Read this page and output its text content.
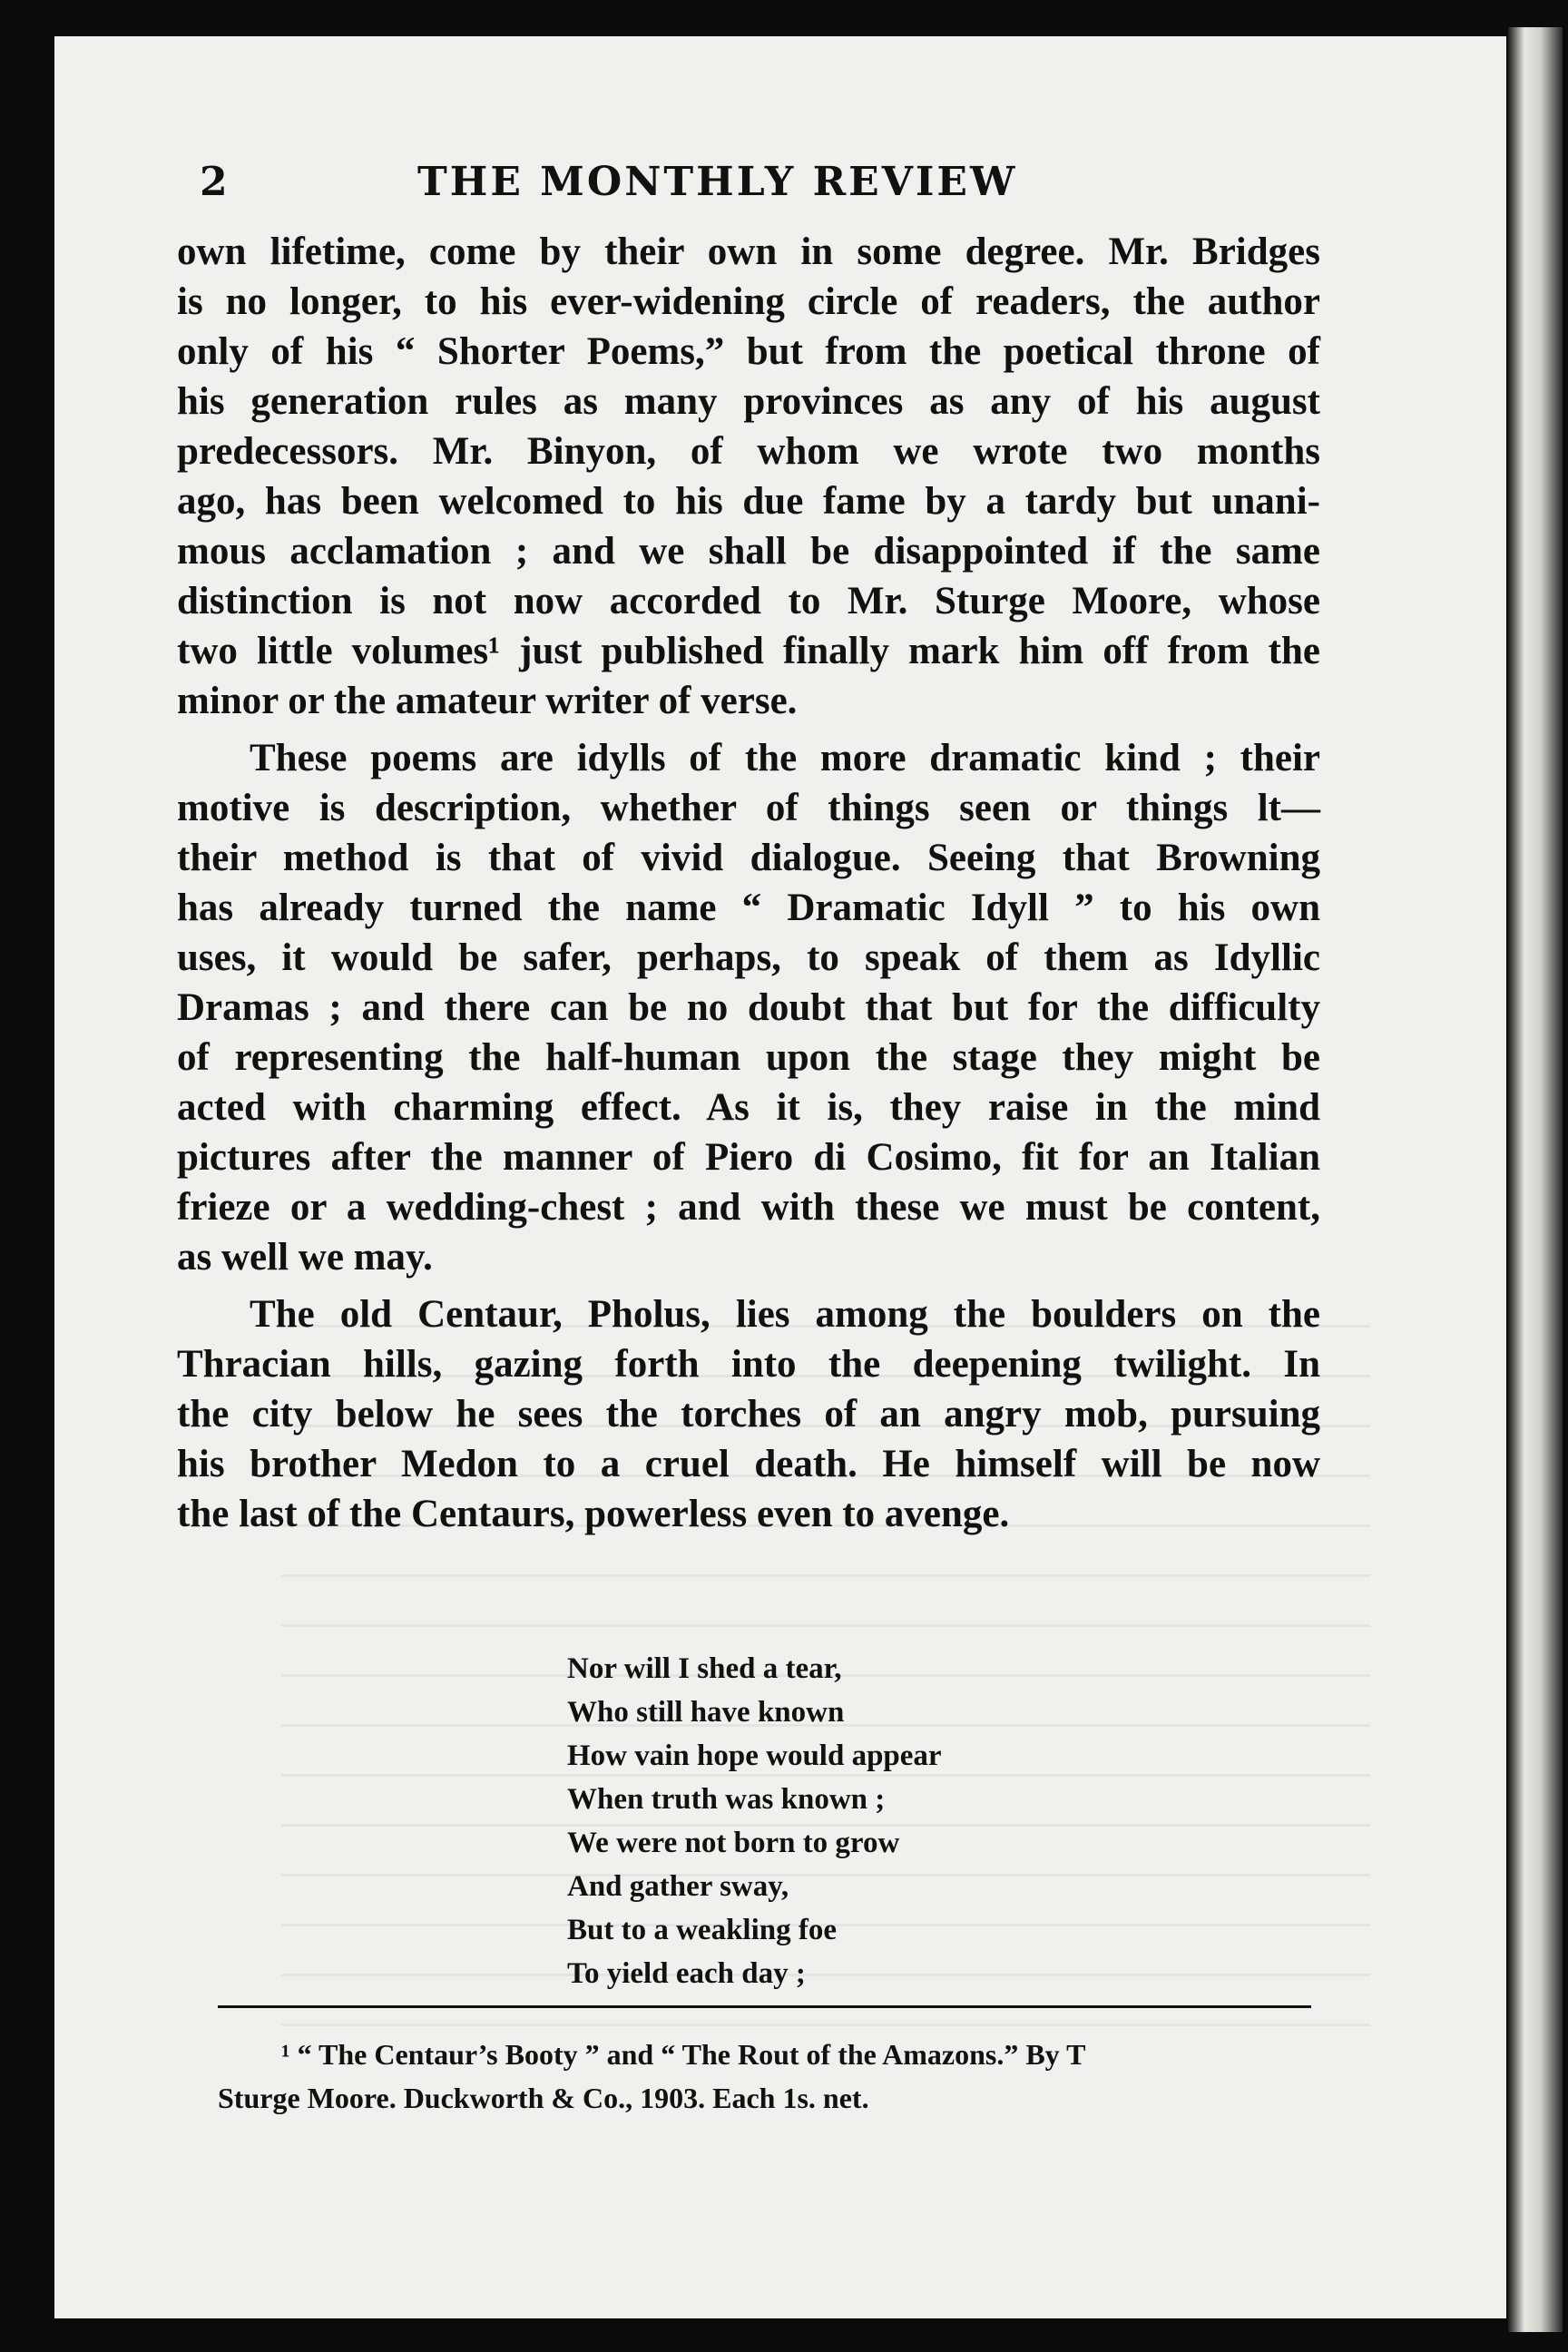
2	THE MONTHLY REVIEW
own lifetime, come by their own in some degree. Mr. Bridges
is no longer, to his ever-widening circle of readers, the author
only of his “ Shorter Poems,” but from the poetical throne of
his generation rules as many provinces as any of his august
predecessors. Mr. Binyon, of whom we wrote two months
ago, has been welcomed to his due fame by a tardy but unani-
mous acclamation ; and we shall be disappointed if the same
distinction is not now accorded to Mr. Sturge Moore, whose
two little volumes¹ just published finally mark him off from the
minor or the amateur writer of verse.
These poems are idylls of the more dramatic kind ; their
motive is description, whether of things seen or things lt—
their method is that of vivid dialogue. Seeing that Browning
has already turned the name “ Dramatic Idyll ” to his own
uses, it would be safer, perhaps, to speak of them as Idyllic
Dramas ; and there can be no doubt that but for the difficulty
of representing the half-human upon the stage they might be
acted with charming effect. As it is, they raise in the mind
pictures after the manner of Piero di Cosimo, fit for an Italian
frieze or a wedding-chest ; and with these we must be content,
as well we may.
The old Centaur, Pholus, lies among the boulders on the
Thracian hills, gazing forth into the deepening twilight. In
the city below he sees the torches of an angry mob, pursuing
his brother Medon to a cruel death. He himself will be now
the last of the Centaurs, powerless even to avenge.
Nor will I shed a tear,
Who still have known
How vain hope would appear
When truth was known ;
We were not born to grow
And gather sway,
But to a weakling foe
To yield each day ;
¹ “ The Centaur’s Booty ” and “ The Rout of the Amazons.” By T
Sturge Moore. Duckworth & Co., 1903. Each 1s. net.
